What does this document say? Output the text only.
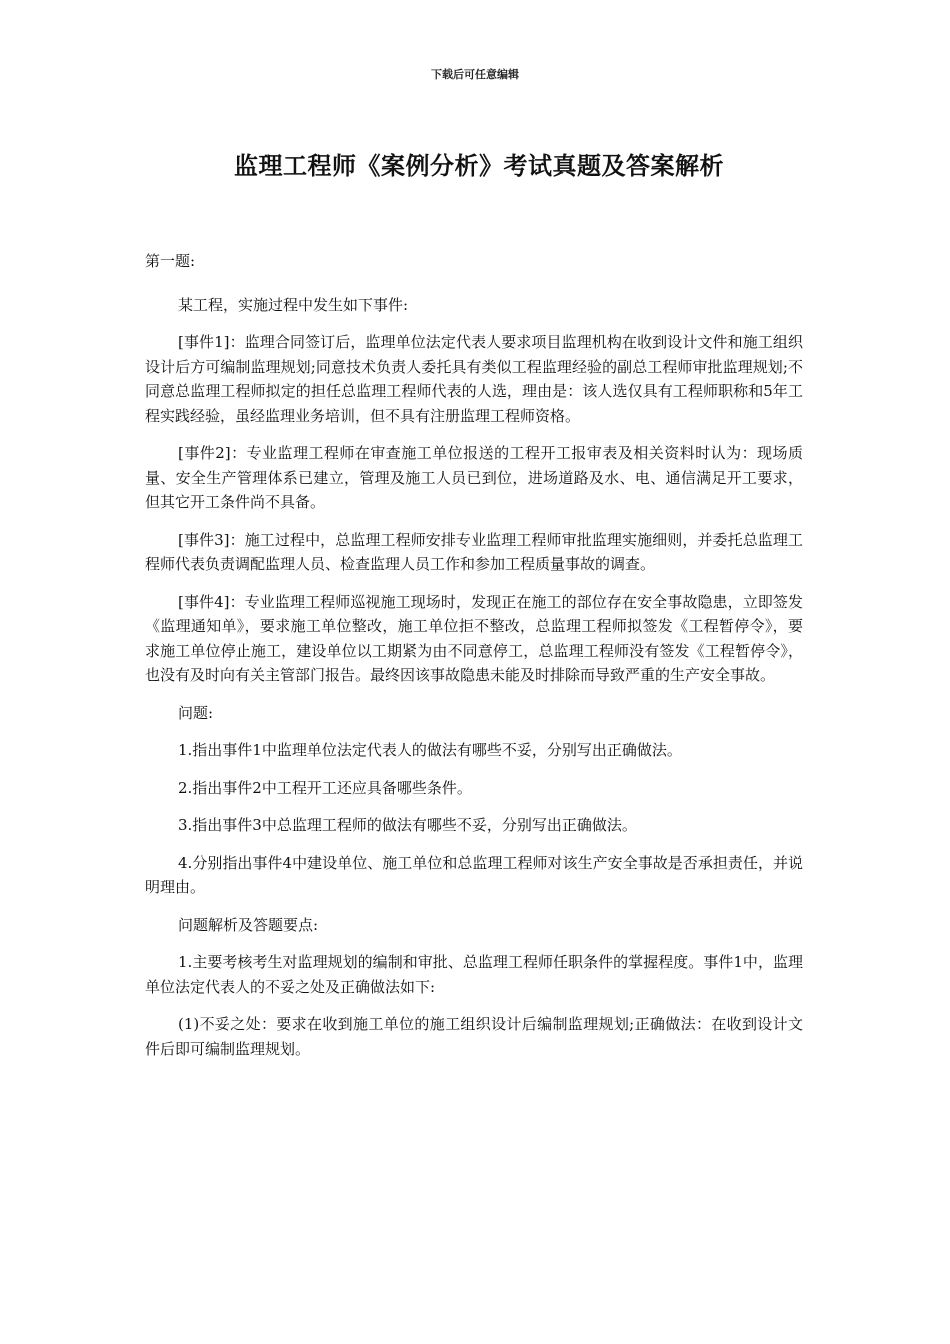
下载后可任意编辑
监理工程师《案例分析》考试真题及答案解析

第一题:

某工程，实施过程中发生如下事件:

[事件1]：监理合同签订后，监理单位法定代表人要求项目监理机构在收到设计文件和施工组织设计后方可编制监理规划;同意技术负责人委托具有类似工程监理经验的副总工程师审批监理规划;不同意总监理工程师拟定的担任总监理工程师代表的人选，理由是：该人选仅具有工程师职称和5年工程实践经验，虽经监理业务培训，但不具有注册监理工程师资格。

[事件2]：专业监理工程师在审查施工单位报送的工程开工报审表及相关资料时认为：现场质量、安全生产管理体系已建立，管理及施工人员已到位，进场道路及水、电、通信满足开工要求，但其它开工条件尚不具备。

[事件3]：施工过程中，总监理工程师安排专业监理工程师审批监理实施细则，并委托总监理工程师代表负责调配监理人员、检查监理人员工作和参加工程质量事故的调查。

[事件4]：专业监理工程师巡视施工现场时，发现正在施工的部位存在安全事故隐患，立即签发《监理通知单》，要求施工单位整改，施工单位拒不整改，总监理工程师拟签发《工程暂停令》，要求施工单位停止施工，建设单位以工期紧为由不同意停工，总监理工程师没有签发《工程暂停令》，也没有及时向有关主管部门报告。最终因该事故隐患未能及时排除而导致严重的生产安全事故。

问题:

1.指出事件1中监理单位法定代表人的做法有哪些不妥，分别写出正确做法。

2.指出事件2中工程开工还应具备哪些条件。

3.指出事件3中总监理工程师的做法有哪些不妥，分别写出正确做法。

4.分别指出事件4中建设单位、施工单位和总监理工程师对该生产安全事故是否承担责任，并说明理由。

问题解析及答题要点:

1.主要考核考生对监理规划的编制和审批、总监理工程师任职条件的掌握程度。事件1中，监理单位法定代表人的不妥之处及正确做法如下:

(1)不妥之处：要求在收到施工单位的施工组织设计后编制监理规划;正确做法：在收到设计文件后即可编制监理规划。
